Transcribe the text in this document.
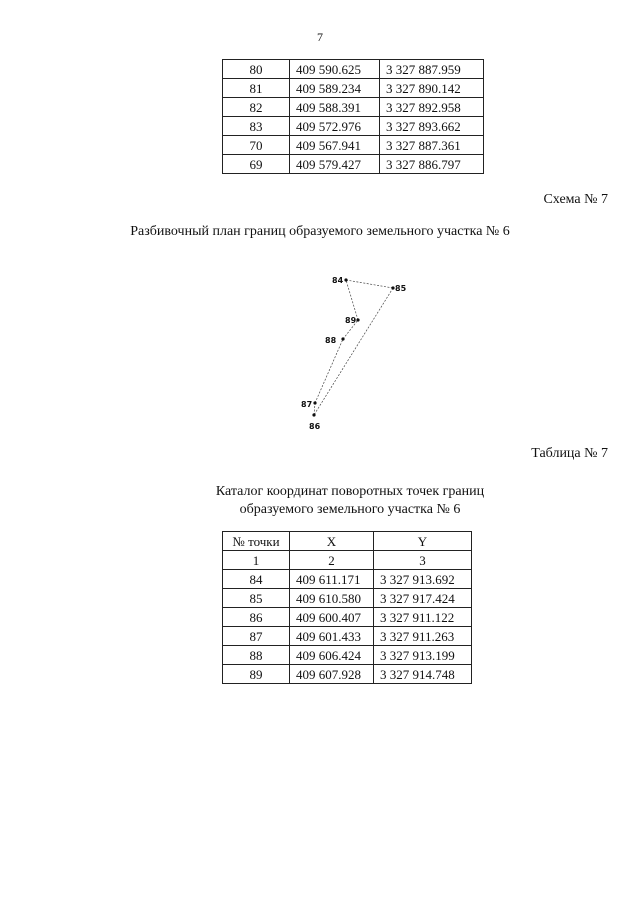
7
80	409 590.625	3 327 887.959
81	409 589.234	3 327 890.142
82	409 588.391	3 327 892.958
83	409 572.976	3 327 893.662
70	409 567.941	3 327 887.361
69	409 579.427	3 327 886.797
Схема № 7
Разбивочный план границ образуемого земельного участка № 6
84
85
89
88
87
86
Таблица № 7
Каталог координат поворотных точек границ
образуемого земельного участка № 6
№ точки	X	Y
1	2	3
84	409 611.171	3 327 913.692
85	409 610.580	3 327 917.424
86	409 600.407	3 327 911.122
87	409 601.433	3 327 911.263
88	409 606.424	3 327 913.199
89	409 607.928	3 327 914.748
